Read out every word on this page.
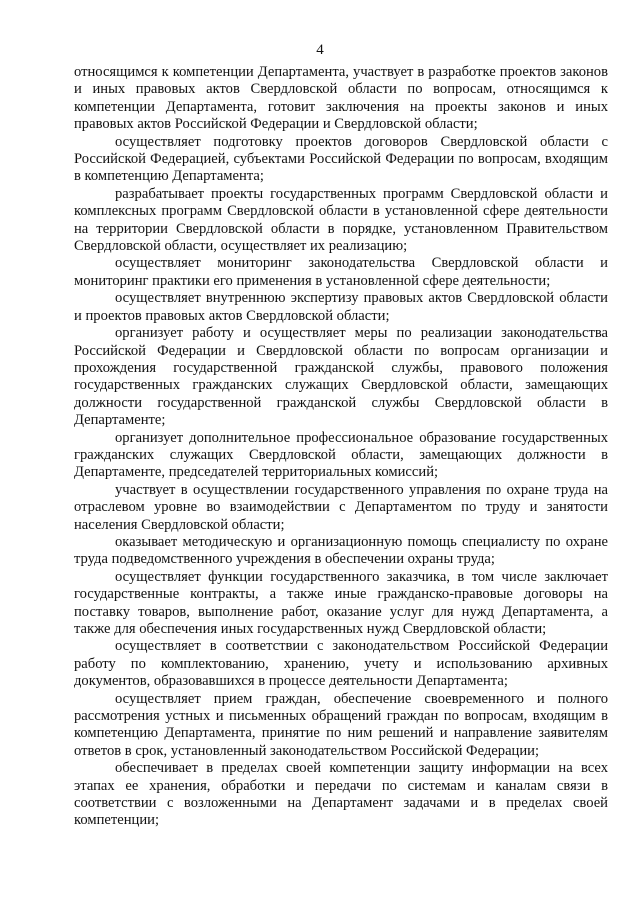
4

относящимся к компетенции Департамента, участвует в разработке проектов законов и иных правовых актов Свердловской области по вопросам, относящимся к компетенции Департамента, готовит заключения на проекты законов и иных правовых актов Российской Федерации и Свердловской области;

осуществляет подготовку проектов договоров Свердловской области с Российской Федерацией, субъектами Российской Федерации по вопросам, входящим в компетенцию Департамента;

разрабатывает проекты государственных программ Свердловской области и комплексных программ Свердловской области в установленной сфере деятельности на территории Свердловской области в порядке, установленном Правительством Свердловской области, осуществляет их реализацию;

осуществляет мониторинг законодательства Свердловской области и мониторинг практики его применения в установленной сфере деятельности;

осуществляет внутреннюю экспертизу правовых актов Свердловской области и проектов правовых актов Свердловской области;

организует работу и осуществляет меры по реализации законодательства Российской Федерации и Свердловской области по вопросам организации и прохождения государственной гражданской службы, правового положения государственных гражданских служащих Свердловской области, замещающих должности государственной гражданской службы Свердловской области в Департаменте;

организует дополнительное профессиональное образование государственных гражданских служащих Свердловской области, замещающих должности в Департаменте, председателей территориальных комиссий;

участвует в осуществлении государственного управления по охране труда на отраслевом уровне во взаимодействии с Департаментом по труду и занятости населения Свердловской области;

оказывает методическую и организационную помощь специалисту по охране труда подведомственного учреждения в обеспечении охраны труда;

осуществляет функции государственного заказчика, в том числе заключает государственные контракты, а также иные гражданско-правовые договоры на поставку товаров, выполнение работ, оказание услуг для нужд Департамента, а также для обеспечения иных государственных нужд Свердловской области;

осуществляет в соответствии с законодательством Российской Федерации работу по комплектованию, хранению, учету и использованию архивных документов, образовавшихся в процессе деятельности Департамента;

осуществляет прием граждан, обеспечение своевременного и полного рассмотрения устных и письменных обращений граждан по вопросам, входящим в компетенцию Департамента, принятие по ним решений и направление заявителям ответов в срок, установленный законодательством Российской Федерации;

обеспечивает в пределах своей компетенции защиту информации на всех этапах ее хранения, обработки и передачи по системам и каналам связи в соответствии с возложенными на Департамент задачами и в пределах своей компетенции;
